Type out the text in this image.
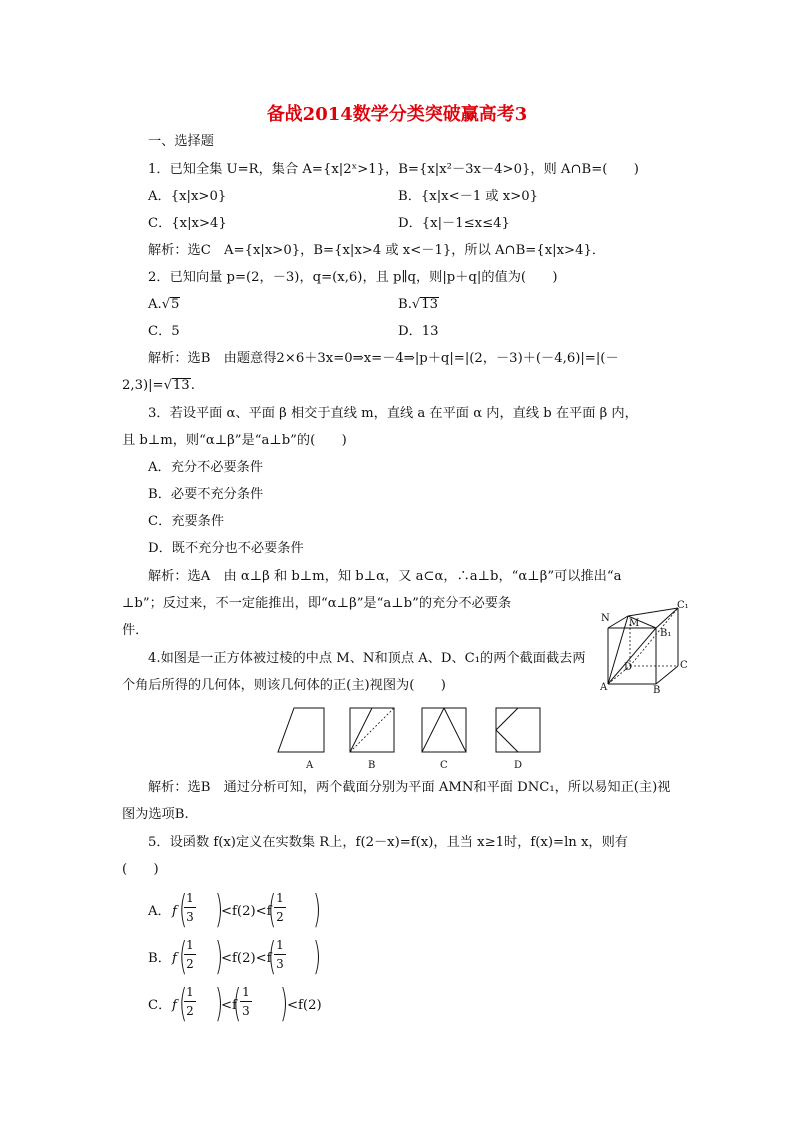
备战2014数学分类突破赢高考3
一、选择题
1．已知全集 U=R，集合 A={x|2ˣ>1}，B={x|x²－3x－4>0}，则 A∩B=(　　)
A．{x|x>0}	B．{x|x<－1 或 x>0}
C．{x|x>4}	D．{x|－1≤x≤4}
解析：选C　A={x|x>0}，B={x|x>4 或 x<－1}，所以 A∩B={x|x>4}．
2．已知向量 p=(2，－3)，q=(x,6)，且 p∥q，则|p＋q|的值为(　　)
A.√5	B.√13
C．5	D．13
解析：选B　由题意得2×6＋3x=0⇒x=－4⇒|p＋q|=|(2，－3)＋(－4,6)|=|(－
2,3)|=√13.
3．若设平面 α、平面 β 相交于直线 m，直线 a 在平面 α 内，直线 b 在平面 β 内，
且 b⊥m，则“α⊥β”是“a⊥b”的(　　)
A．充分不必要条件
B．必要不充分条件
C．充要条件
D．既不充分也不必要条件
解析：选A　由 α⊥β 和 b⊥m，知 b⊥α，又 a⊂α，∴a⊥b，“α⊥β”可以推出“a
⊥b”；反过来，不一定能推出，即“α⊥β”是“a⊥b”的充分不必要条
件．
N M
C₁
B₁
C
D
A	B
4.如图是一正方体被过棱的中点 M、N和顶点 A、D、C₁的两个截面截去两
个角后所得的几何体，则该几何体的正(主)视图为(　　)
A	B	C	D
解析：选B　通过分析可知，两个截面分别为平面 AMN和平面 DNC₁，所以易知正(主)视
图为选项B.
5．设函数 f(x)定义在实数集 R上，f(2－x)=f(x)，且当 x≥1时，f(x)=ln x，则有
(　　)
A． f ( 1
3 )
<f(2)<f
( 1
2 )
B． f ( 1
2 )
<f(2)<f
( 1
3 )
C． f ( 1
2 )
<f
( 1
3 )
<f(2)
